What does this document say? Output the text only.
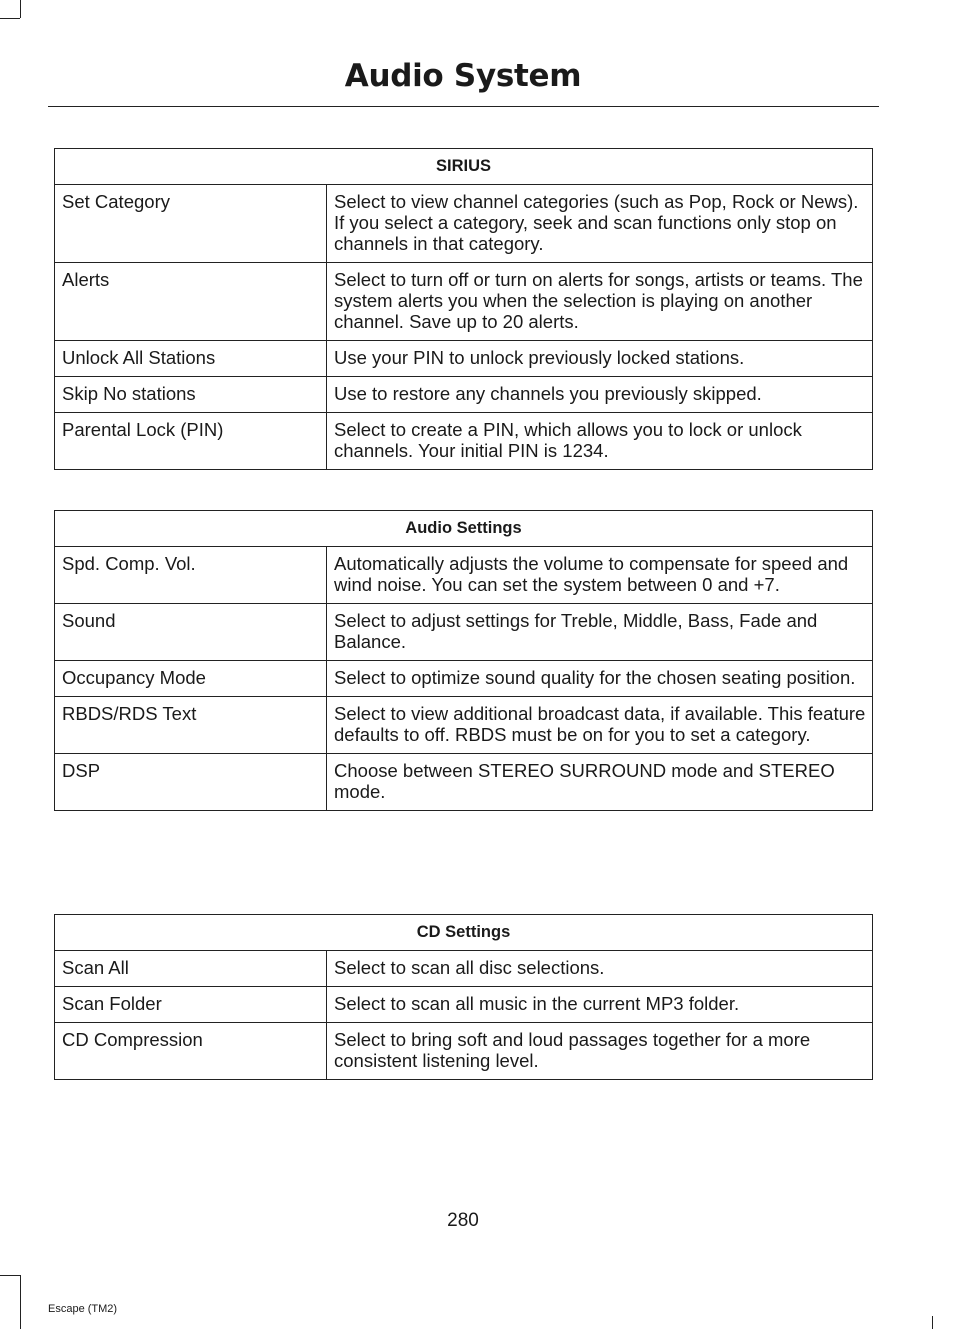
Audio System
SIRIUS	
Set Category	Select to view channel categories (such as Pop, Rock or News). If you select a category, seek and scan functions only stop on channels in that category.
Alerts	Select to turn off or turn on alerts for songs, artists or teams. The system alerts you when the selection is playing on another channel. Save up to 20 alerts.
Unlock All Stations	Use your PIN to unlock previously locked stations.
Skip No stations	Use to restore any channels you previously skipped.
Parental Lock (PIN)	Select to create a PIN, which allows you to lock or unlock channels. Your initial PIN is 1234.
Audio Settings	
Spd. Comp. Vol.	Automatically adjusts the volume to compensate for speed and wind noise. You can set the system between 0 and +7.
Sound	Select to adjust settings for Treble, Middle, Bass, Fade and Balance.
Occupancy Mode	Select to optimize sound quality for the chosen seating position.
RBDS/RDS Text	Select to view additional broadcast data, if available. This feature defaults to off. RBDS must be on for you to set a category.
DSP	Choose between STEREO SURROUND mode and STEREO mode.
CD Settings	
Scan All	Select to scan all disc selections.
Scan Folder	Select to scan all music in the current MP3 folder.
CD Compression	Select to bring soft and loud passages together for a more consistent listening level.
280
Escape (TM2)
